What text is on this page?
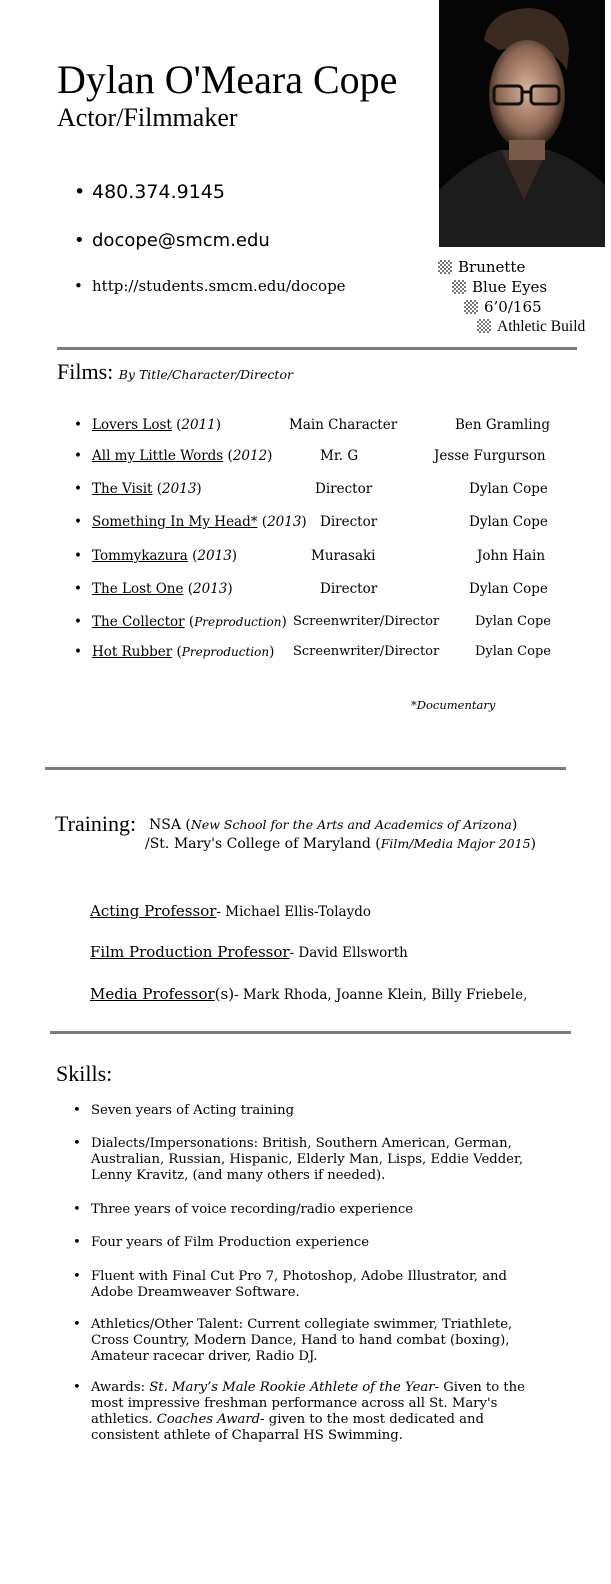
Dylan O'Meara Cope
Actor/Filmmaker
• 480.374.9145
• docope@smcm.edu
• http://students.smcm.edu/docope
Brunette
Blue Eyes
6’0/165
Athletic Build
Films: By Title/Character/Director
Lovers Lost (2011)	Main Character	Ben Gramling
All my Little Words (2012)	Mr. G	Jesse Furgurson
The Visit (2013)	Director	Dylan Cope
Something In My Head* (2013) Director	Dylan Cope
Tommykazura (2013)	Murasaki	John Hain
The Lost One (2013)	Director	Dylan Cope
The Collector (Preproduction) Screenwriter/Director	Dylan Cope
Hot Rubber (Preproduction) Screenwriter/Director	Dylan Cope
*Documentary
Training: NSA (New School for the Arts and Academics of Arizona)
/St. Mary's College of Maryland (Film/Media Major 2015)
Acting Professor- Michael Ellis-Tolaydo
Film Production Professor- David Ellsworth
Media Professor(s)- Mark Rhoda, Joanne Klein, Billy Friebele,
Skills:
• Seven years of Acting training
• Dialects/Impersonations: British, Southern American, German, Australian, Russian, Hispanic, Elderly Man, Lisps, Eddie Vedder, Lenny Kravitz, (and many others if needed).
• Three years of voice recording/radio experience
• Four years of Film Production experience
• Fluent with Final Cut Pro 7, Photoshop, Adobe Illustrator, and Adobe Dreamweaver Software.
• Athletics/Other Talent: Current collegiate swimmer, Triathlete, Cross Country, Modern Dance, Hand to hand combat (boxing), Amateur racecar driver, Radio DJ.
• Awards: St. Mary’s Male Rookie Athlete of the Year- Given to the most impressive freshman performance across all St. Mary's athletics. Coaches Award- given to the most dedicated and consistent athlete of Chaparral HS Swimming.
